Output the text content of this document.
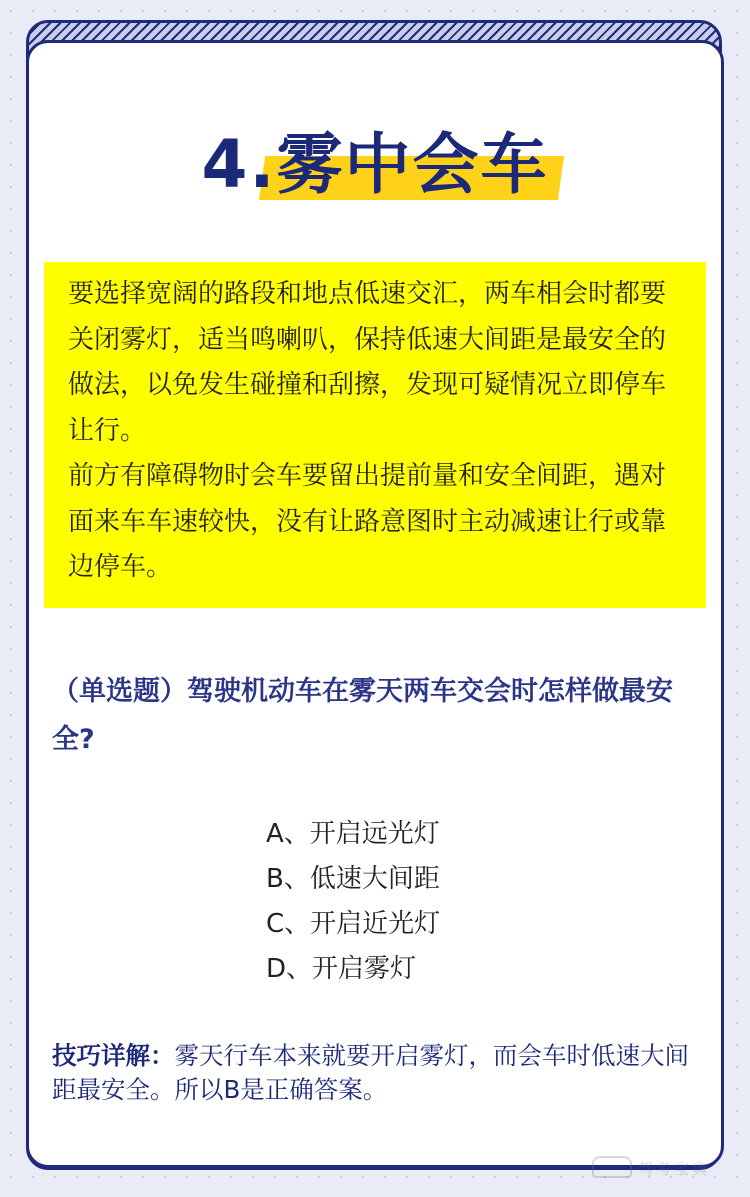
4.雾中会车

要选择宽阔的路段和地点低速交汇，两车相会时都要关闭雾灯，适当鸣喇叭，保持低速大间距是最安全的做法，以免发生碰撞和刮擦，发现可疑情况立即停车让行。

前方有障碍物时会车要留出提前量和安全间距，遇对面来车车速较快，没有让路意图时主动减速让行或靠边停车。

（单选题）驾驶机动车在雾天两车交会时怎样做最安全?
A、开启远光灯
B、低速大间距
C、开启近光灯
D、开启雾灯
技巧详解：雾天行车本来就要开启雾灯，而会车时低速大间距最安全。所以B是正确答案。
驾考宝典
